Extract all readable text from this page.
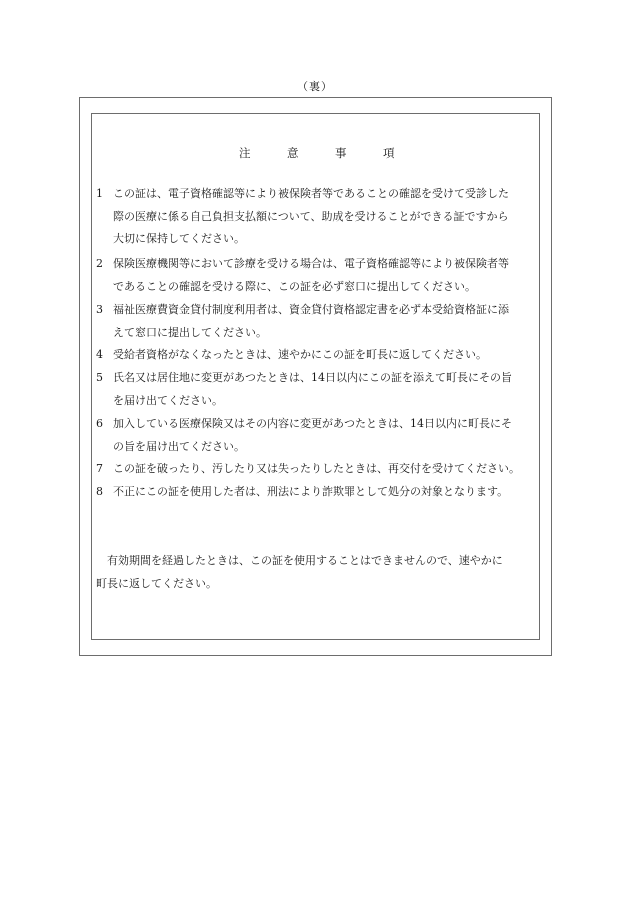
（裏）
注	意	事	項
1 この証は、電子資格確認等により被保険者等であることの確認を受けて受診した
際の医療に係る自己負担支払額について、助成を受けることができる証ですから
大切に保持してください。
2 保険医療機関等において診療を受ける場合は、電子資格確認等により被保険者等
であることの確認を受ける際に、この証を必ず窓口に提出してください。
3 福祉医療費資金貸付制度利用者は、資金貸付資格認定書を必ず本受給資格証に添
えて窓口に提出してください。
4 受給者資格がなくなったときは、速やかにこの証を町長に返してください。
5 氏名又は居住地に変更があつたときは、14日以内にこの証を添えて町長にその旨
を届け出てください。
6 加入している医療保険又はその内容に変更があつたときは、14日以内に町長にそ
の旨を届け出てください。
7 この証を破ったり、汚したり又は失ったりしたときは、再交付を受けてください。
8 不正にこの証を使用した者は、刑法により詐欺罪として処分の対象となります。
有効期間を経過したときは、この証を使用することはできませんので、速やかに
町長に返してください。
